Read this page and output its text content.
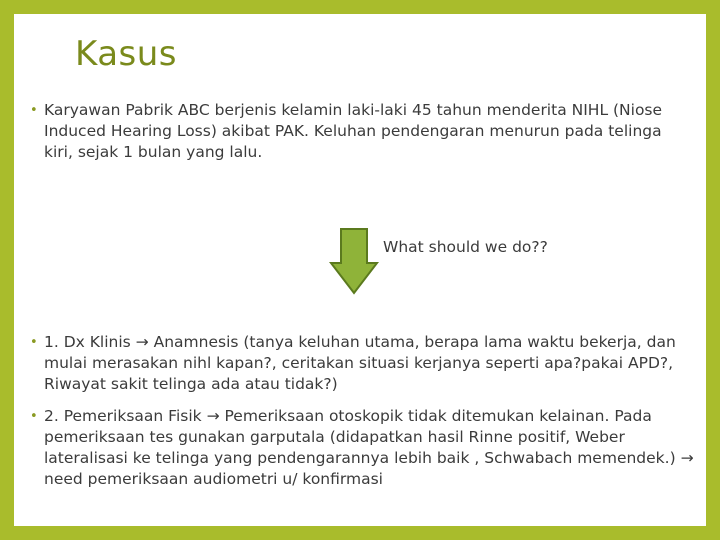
Kasus
• Karyawan Pabrik ABC berjenis kelamin laki-laki 45 tahun menderita NIHL (Niose Induced Hearing Loss) akibat PAK. Keluhan pendengaran menurun pada telinga kiri, sejak 1 bulan yang lalu.
What should we do??
• 1. Dx Klinis → Anamnesis (tanya keluhan utama, berapa lama waktu bekerja, dan mulai merasakan nihl kapan?, ceritakan situasi kerjanya seperti apa?pakai APD?, Riwayat sakit telinga ada atau tidak?)
• 2. Pemeriksaan Fisik → Pemeriksaan otoskopik tidak ditemukan kelainan. Pada pemeriksaan tes gunakan garputala (didapatkan hasil Rinne positif, Weber lateralisasi ke telinga yang pendengarannya lebih baik , Schwabach memendek.) → need pemeriksaan audiometri u/ konfirmasi
